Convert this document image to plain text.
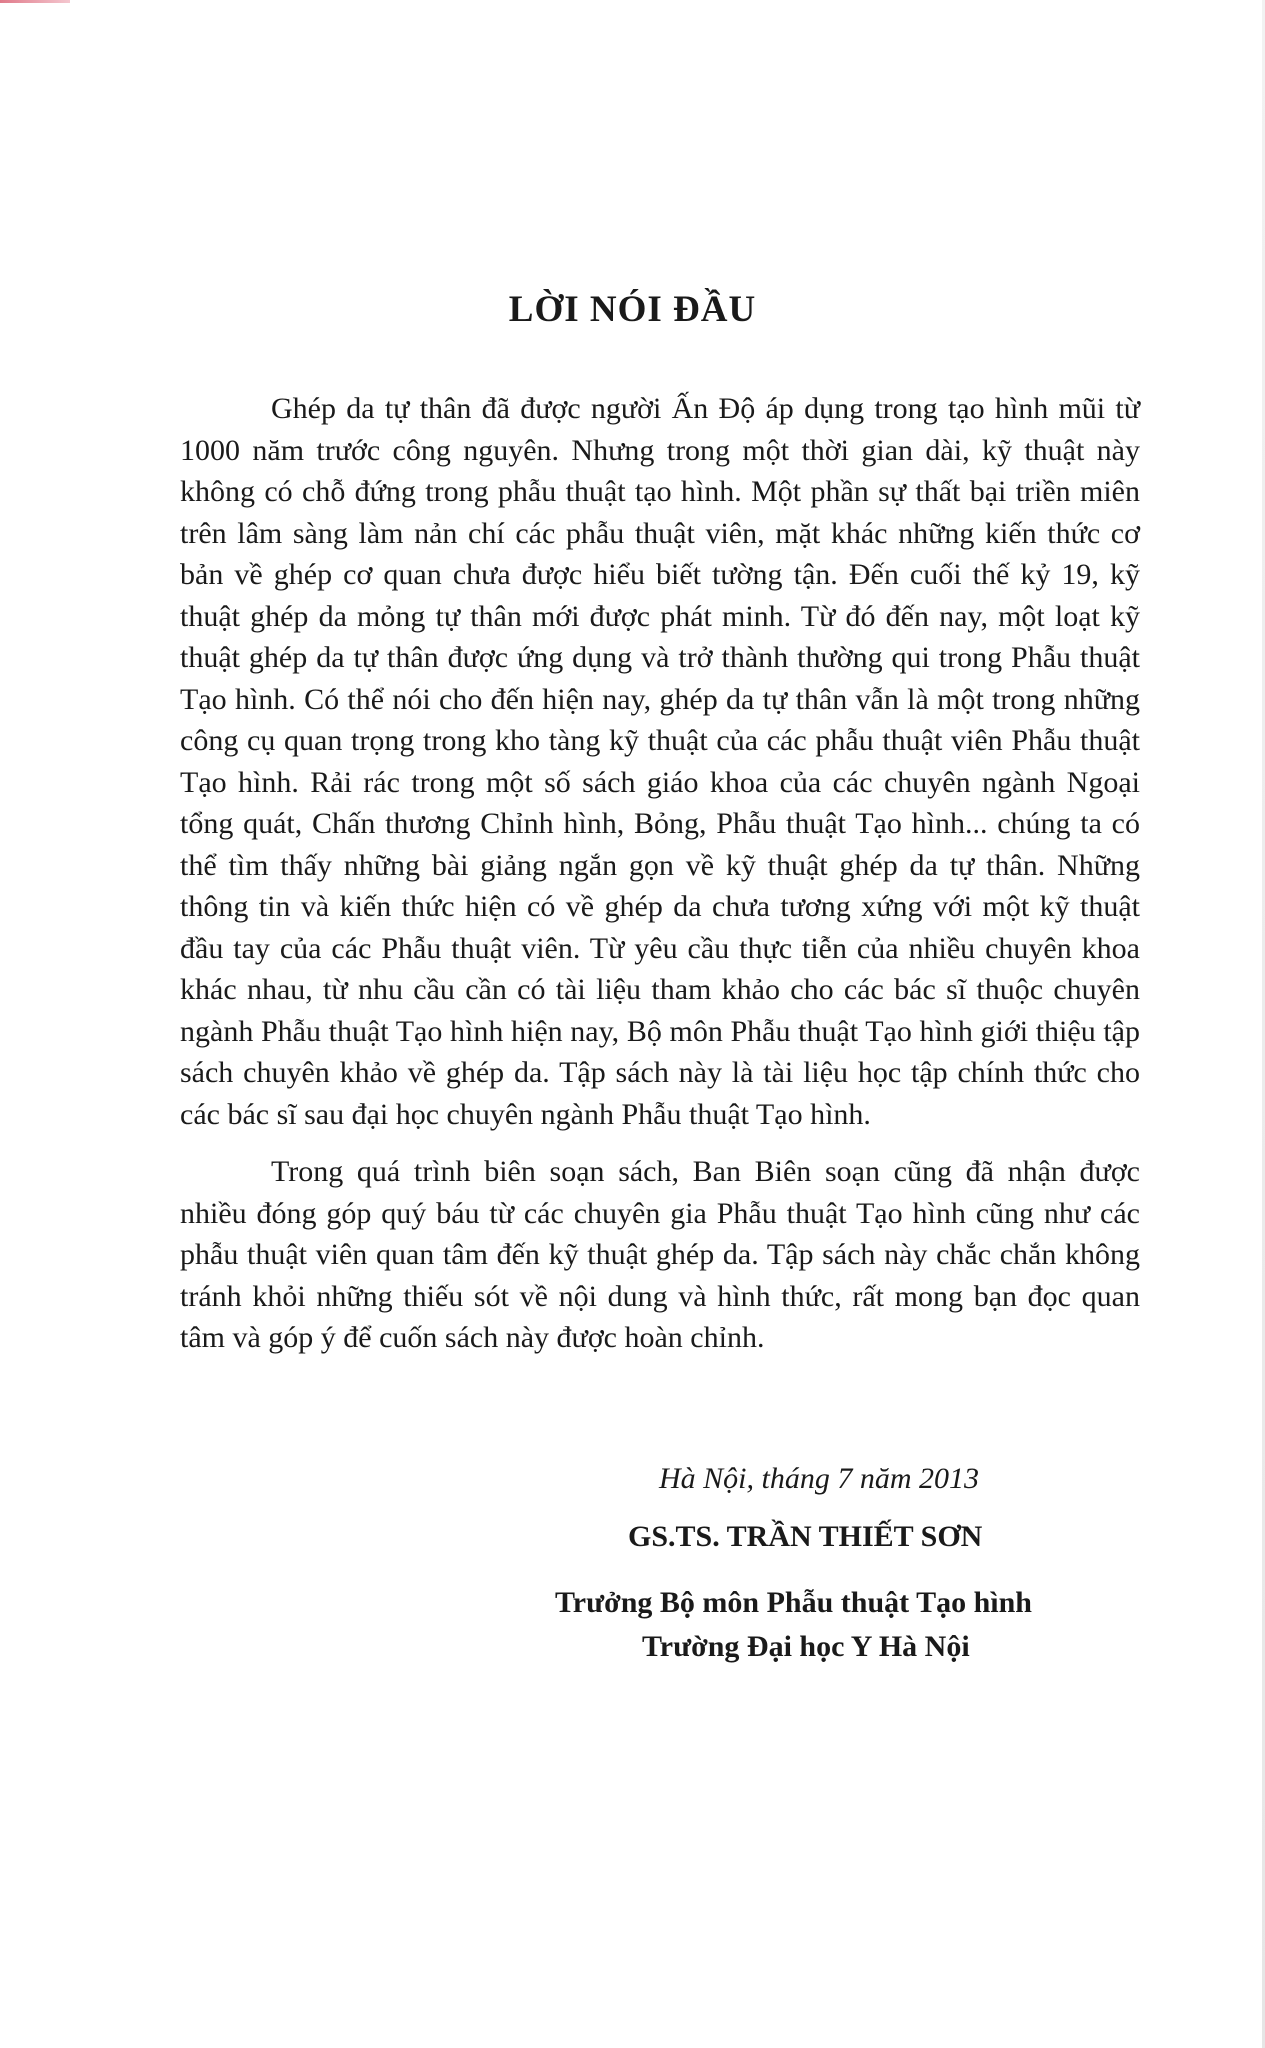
LỜI NÓI ĐẦU

Ghép da tự thân đã được người Ấn Độ áp dụng trong tạo hình mũi từ 1000 năm trước công nguyên. Nhưng trong một thời gian dài, kỹ thuật này không có chỗ đứng trong phẫu thuật tạo hình. Một phần sự thất bại triền miên trên lâm sàng làm nản chí các phẫu thuật viên, mặt khác những kiến thức cơ bản về ghép cơ quan chưa được hiểu biết tường tận. Đến cuối thế kỷ 19, kỹ thuật ghép da mỏng tự thân mới được phát minh. Từ đó đến nay, một loạt kỹ thuật ghép da tự thân được ứng dụng và trở thành thường qui trong Phẫu thuật Tạo hình. Có thể nói cho đến hiện nay, ghép da tự thân vẫn là một trong những công cụ quan trọng trong kho tàng kỹ thuật của các phẫu thuật viên Phẫu thuật Tạo hình. Rải rác trong một số sách giáo khoa của các chuyên ngành Ngoại tổng quát, Chấn thương Chỉnh hình, Bỏng, Phẫu thuật Tạo hình... chúng ta có thể tìm thấy những bài giảng ngắn gọn về kỹ thuật ghép da tự thân. Những thông tin và kiến thức hiện có về ghép da chưa tương xứng với một kỹ thuật đầu tay của các Phẫu thuật viên. Từ yêu cầu thực tiễn của nhiều chuyên khoa khác nhau, từ nhu cầu cần có tài liệu tham khảo cho các bác sĩ thuộc chuyên ngành Phẫu thuật Tạo hình hiện nay, Bộ môn Phẫu thuật Tạo hình giới thiệu tập sách chuyên khảo về ghép da. Tập sách này là tài liệu học tập chính thức cho các bác sĩ sau đại học chuyên ngành Phẫu thuật Tạo hình.

Trong quá trình biên soạn sách, Ban Biên soạn cũng đã nhận được nhiều đóng góp quý báu từ các chuyên gia Phẫu thuật Tạo hình cũng như các phẫu thuật viên quan tâm đến kỹ thuật ghép da. Tập sách này chắc chắn không tránh khỏi những thiếu sót về nội dung và hình thức, rất mong bạn đọc quan tâm và góp ý để cuốn sách này được hoàn chỉnh.

Hà Nội, tháng 7 năm 2013
GS.TS. TRẦN THIẾT SƠN
Trưởng Bộ môn Phẫu thuật Tạo hình
Trường Đại học Y Hà Nội
